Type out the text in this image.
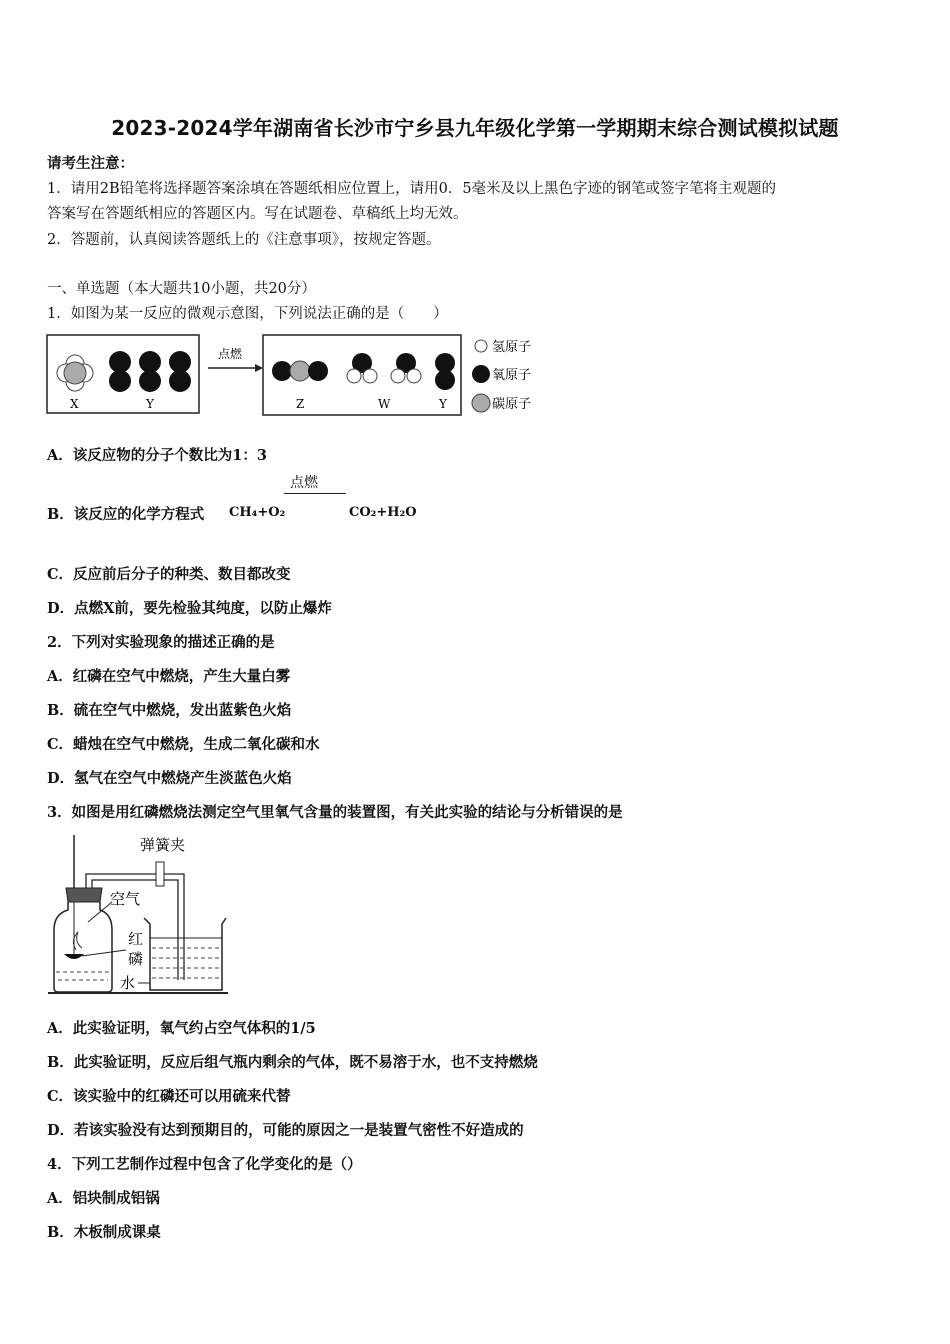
2023-2024学年湖南省长沙市宁乡县九年级化学第一学期期末综合测试模拟试题
请考生注意：
1．请用2B铅笔将选择题答案涂填在答题纸相应位置上，请用0．5毫米及以上黑色字迹的钢笔或签字笔将主观题的
答案写在答题纸相应的答题区内。写在试题卷、草稿纸上均无效。
2．答题前，认真阅读答题纸上的《注意事项》，按规定答题。
一、单选题（本大题共10小题，共20分）
1．如图为某一反应的微观示意图，下列说法正确的是（　　）
X	Y
点燃
Z	W	Y
氢原子
氧原子
碳原子
A．该反应物的分子个数比为1：3
B．该反应的化学方程式 CH₄+O₂
点燃
CO₂+H₂O
C．反应前后分子的种类、数目都改变
D．点燃X前，要先检验其纯度，以防止爆炸
2．下列对实验现象的描述正确的是
A．红磷在空气中燃烧，产生大量白雾
B．硫在空气中燃烧，发出蓝紫色火焰
C．蜡烛在空气中燃烧，生成二氧化碳和水
D．氢气在空气中燃烧产生淡蓝色火焰
3．如图是用红磷燃烧法测定空气里氧气含量的装置图，有关此实验的结论与分析错误的是
弹簧夹
空气
红
磷
水
A．此实验证明，氧气约占空气体积的1/5
B．此实验证明，反应后组气瓶内剩余的气体，既不易溶于水，也不支持燃烧
C．该实验中的红磷还可以用硫来代替
D．若该实验没有达到预期目的，可能的原因之一是装置气密性不好造成的
4．下列工艺制作过程中包含了化学变化的是（）
A．铝块制成铝锅
B．木板制成课桌
